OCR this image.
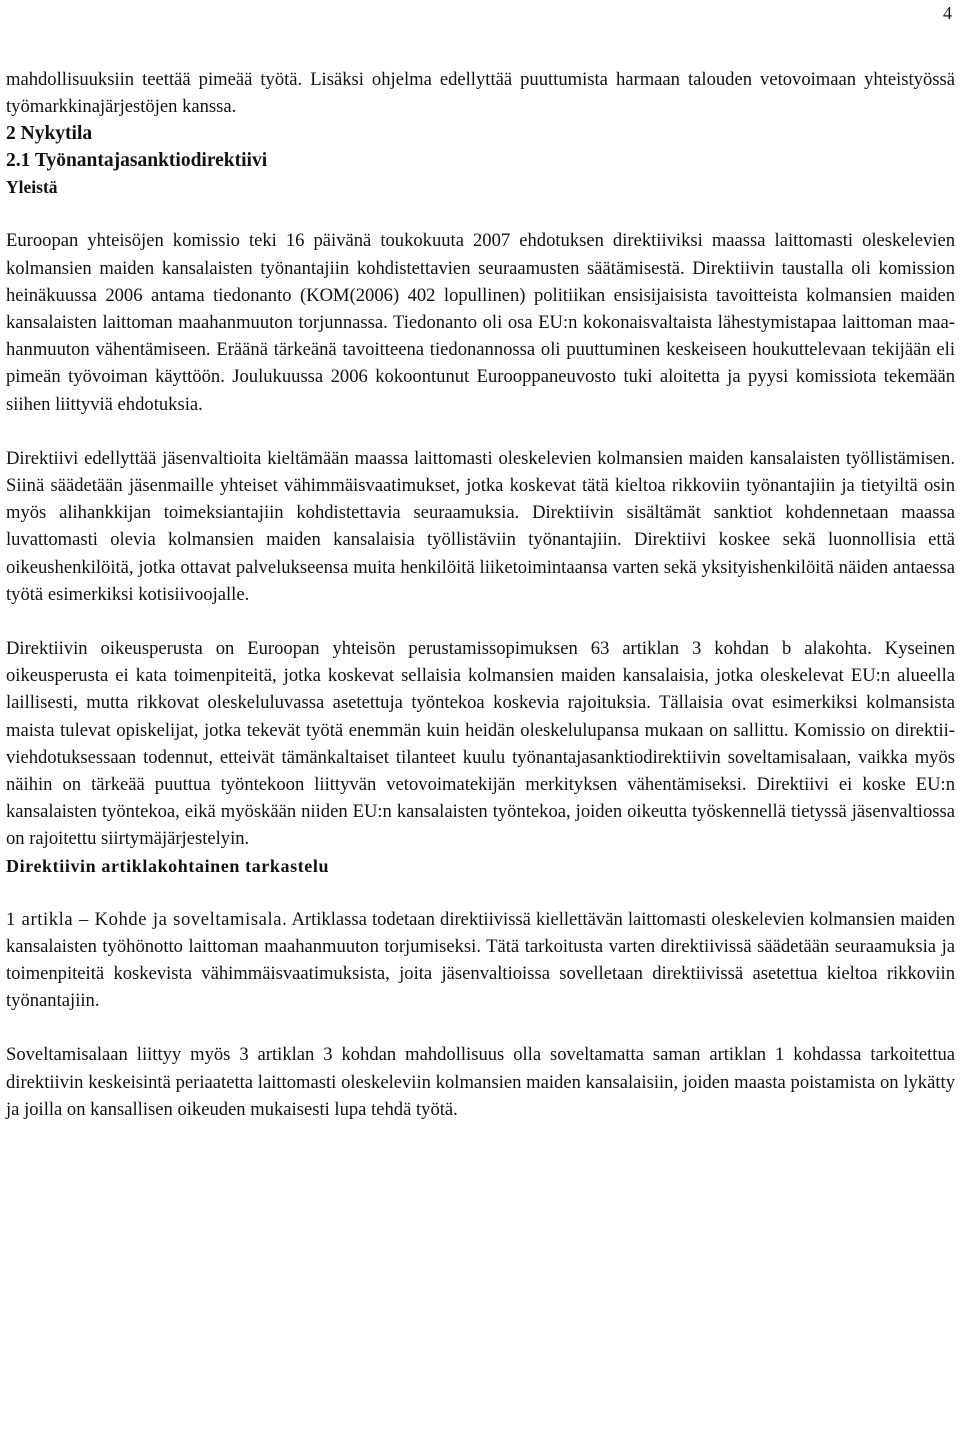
4

mahdollisuuksiin teettää pimeää työtä. Lisäksi ohjelma edellyttää puuttumista harmaan talouden vetovoimaan yhteistyössä työmarkkinajärjestöjen kanssa.

2 Nykytila
2.1 Työnantajasanktiodirektiivi
Yleistä

Euroopan yhteisöjen komissio teki 16 päivänä toukokuuta 2007 ehdotuksen direktiiviksi maassa laittomasti oleskelevien kolmansien maiden kansalaisten työnantajiin kohdistettavien seuraamusten säätämisestä. Direktiivin taustalla oli komission heinäkuussa 2006 antama tiedonanto (KOM(2006) 402 lopullinen) politiikan ensisijaisista tavoitteista kolmansien maiden kansalaisten laittoman maahanmuuton torjunnassa. Tiedonanto oli osa EU:n kokonaisvaltaista lähestymistapaa laittoman maahanmuuton vähentämiseen. Eräänä tärkeänä tavoitteena tiedonannossa oli puuttuminen keskeiseen houkuttelevaan tekijään eli pimeän työvoiman käyttöön. Joulukuussa 2006 kokoontunut Eurooppaneuvosto tuki aloitetta ja pyysi komissiota tekemään siihen liittyviä ehdotuksia.

Direktiivi edellyttää jäsenvaltioita kieltämään maassa laittomasti oleskelevien kolmansien maiden kansalaisten työllistämisen. Siinä säädetään jäsenmaille yhteiset vähimmäisvaatimukset, jotka koskevat tätä kieltoa rikkoviin työnantajiin ja tietyiltä osin myös alihankkijan toimeksiantajiin kohdistettavia seuraamuksia. Direktiivin sisältämät sanktiot kohdennetaan maassa luvattomasti olevia kolmansien maiden kansalaisia työllistäviin työnantajiin. Direktiivi koskee sekä luonnollisia että oikeushenkilöitä, jotka ottavat palvelukseensa muita henkilöitä liiketoimintaansa varten sekä yksityishenkilöitä näiden antaessa työtä esimerkiksi kotisiivoojalle.

Direktiivin oikeusperusta on Euroopan yhteisön perustamissopimuksen 63 artiklan 3 kohdan b alakohta. Kyseinen oikeusperusta ei kata toimenpiteitä, jotka koskevat sellaisia kolmansien maiden kansalaisia, jotka oleskelevat EU:n alueella laillisesti, mutta rikkovat oleskeluluvassa asetettuja työntekoa koskevia rajoituksia. Tällaisia ovat esimerkiksi kolmansista maista tulevat opiskelijat, jotka tekevät työtä enemmän kuin heidän oleskelulupansa mukaan on sallittu. Komissio on direktiiviehdotuksessaan todennut, etteivät tämänkaltaiset tilanteet kuulu työnantajasanktiodirektiivin soveltamisalaan, vaikka myös näihin on tärkeää puuttua työntekoon liittyvän vetovoimatekijän merkityksen vähentämiseksi. Direktiivi ei koske EU:n kansalaisten työntekoa, eikä myöskään niiden EU:n kansalaisten työntekoa, joiden oikeutta työskennellä tietyssä jäsenvaltiossa on rajoitettu siirtymäjärjestelyin.

Direktiivin artiklakohtainen tarkastelu

1 artikla – Kohde ja soveltamisala. Artiklassa todetaan direktiivissä kiellettävän laittomasti oleskelevien kolmansien maiden kansalaisten työhönotto laittoman maahanmuuton torjumiseksi. Tätä tarkoitusta varten direktiivissä säädetään seuraamuksia ja toimenpiteitä koskevista vähimmäisvaatimuksista, joita jäsenvaltioissa sovelletaan direktiivissä asetettua kieltoa rikkoviin työnantajiin.

Soveltamisalaan liittyy myös 3 artiklan 3 kohdan mahdollisuus olla soveltamatta saman artiklan 1 kohdassa tarkoitettua direktiivin keskeisintä periaatetta laittomasti oleskeleviin kolmansien maiden kansalaisiin, joiden maasta poistamista on lykätty ja joilla on kansallisen oikeuden mukaisesti lupa tehdä työtä.
